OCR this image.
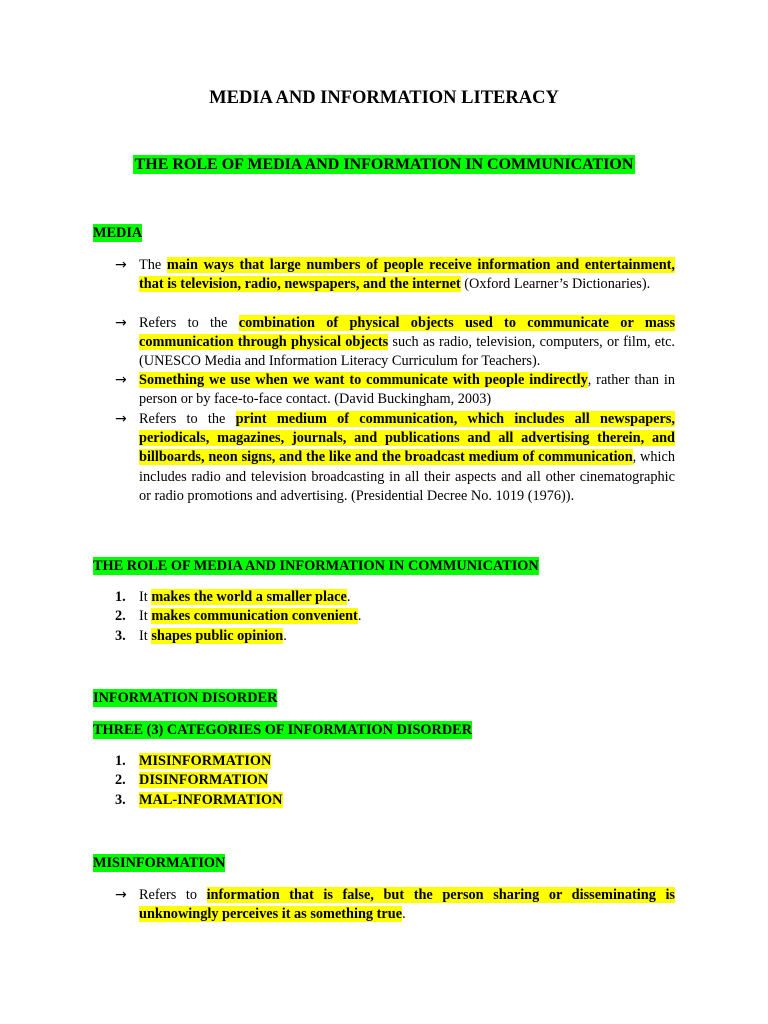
MEDIA AND INFORMATION LITERACY
THE ROLE OF MEDIA AND INFORMATION IN COMMUNICATION
MEDIA
→ The main ways that large numbers of people receive information and entertainment, that is television, radio, newspapers, and the internet (Oxford Learner’s Dictionaries).
→ Refers to the combination of physical objects used to communicate or mass communication through physical objects such as radio, television, computers, or film, etc. (UNESCO Media and Information Literacy Curriculum for Teachers).
→ Something we use when we want to communicate with people indirectly, rather than in person or by face-to-face contact. (David Buckingham, 2003)
→ Refers to the print medium of communication, which includes all newspapers, periodicals, magazines, journals, and publications and all advertising therein, and billboards, neon signs, and the like and the broadcast medium of communication, which includes radio and television broadcasting in all their aspects and all other cinematographic or radio promotions and advertising. (Presidential Decree No. 1019 (1976)).
THE ROLE OF MEDIA AND INFORMATION IN COMMUNICATION
1. It makes the world a smaller place.
2. It makes communication convenient.
3. It shapes public opinion.
INFORMATION DISORDER
THREE (3) CATEGORIES OF INFORMATION DISORDER
1. MISINFORMATION
2. DISINFORMATION
3. MAL-INFORMATION
MISINFORMATION
→ Refers to information that is false, but the person sharing or disseminating is unknowingly perceives it as something true.
